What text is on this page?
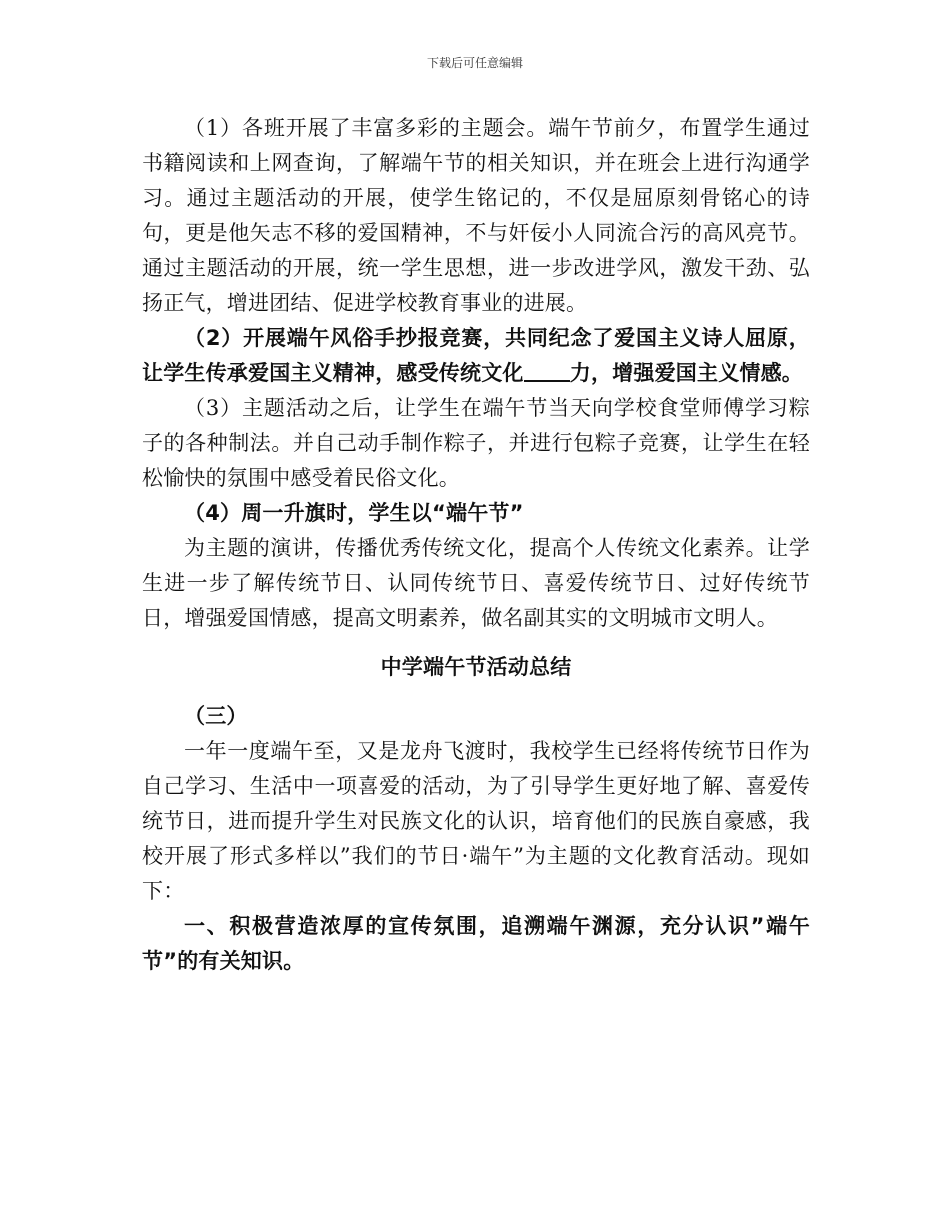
下载后可任意编辑

（1）各班开展了丰富多彩的主题会。端午节前夕，布置学生通过书籍阅读和上网查询，了解端午节的相关知识，并在班会上进行沟通学习。通过主题活动的开展，使学生铭记的，不仅是屈原刻骨铭心的诗句，更是他矢志不移的爱国精神，不与奸佞小人同流合污的高风亮节。通过主题活动的开展，统一学生思想，进一步改进学风，激发干劲、弘扬正气，增进团结、促进学校教育事业的进展。

（2）开展端午风俗手抄报竞赛，共同纪念了爱国主义诗人屈原，让学生传承爱国主义精神，感受传统文化 力，增强爱国主义情感。

（3）主题活动之后，让学生在端午节当天向学校食堂师傅学习粽子的各种制法。并自己动手制作粽子，并进行包粽子竞赛，让学生在轻松愉快的氛围中感受着民俗文化。

（4）周一升旗时，学生以“端午节”

为主题的演讲，传播优秀传统文化，提高个人传统文化素养。让学生进一步了解传统节日、认同传统节日、喜爱传统节日、过好传统节日，增强爱国情感，提高文明素养，做名副其实的文明城市文明人。

中学端午节活动总结

（三）

一年一度端午至，又是龙舟飞渡时，我校学生已经将传统节日作为自己学习、生活中一项喜爱的活动，为了引导学生更好地了解、喜爱传统节日，进而提升学生对民族文化的认识，培育他们的民族自豪感，我校开展了形式多样以”我们的节日·端午”为主题的文化教育活动。现如下：

一、积极营造浓厚的宣传氛围，追溯端午渊源，充分认识”端午节”的有关知识。
